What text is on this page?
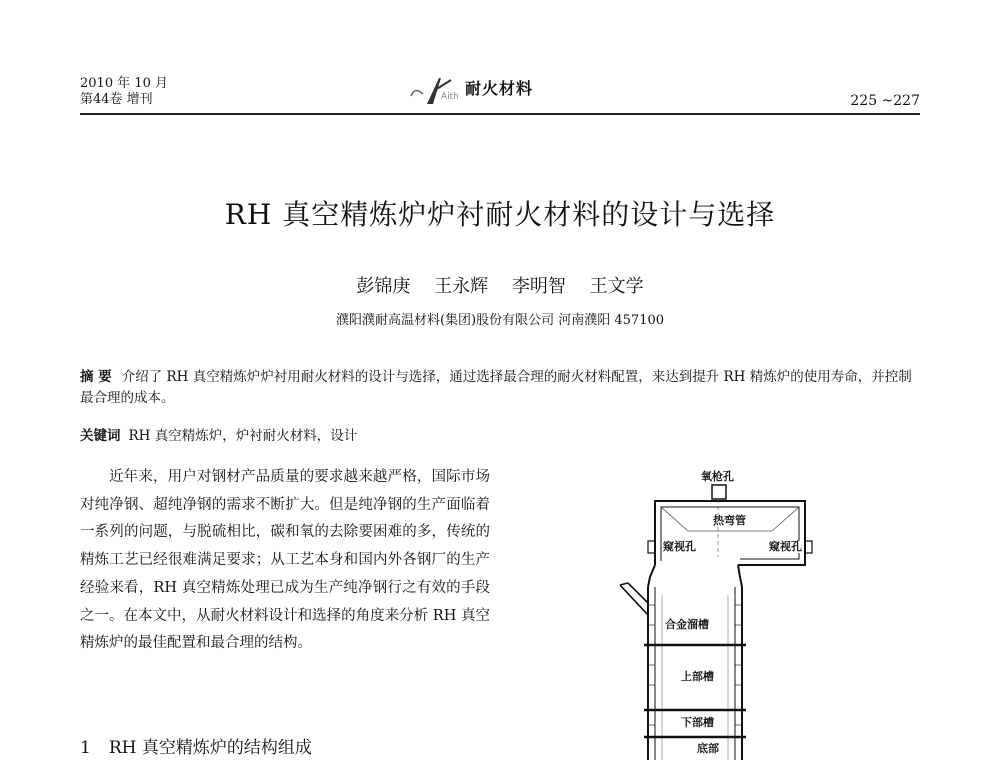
2010 年 10 月
第44卷 增刊
耐火材料
Aith	225 ~227
RH 真空精炼炉炉衬耐火材料的设计与选择
彭锦庚 王永辉 李明智 王文学
濮阳濮耐高温材料(集团)股份有限公司 河南濮阳 457100
摘 要 介绍了 RH 真空精炼炉炉衬用耐火材料的设计与选择，通过选择最合理的耐火材料配置，来达到提升 RH 精炼炉的使用寿命，并控制最合理的成本。
关键词 RH 真空精炼炉，炉衬耐火材料，设计
近年来，用户对钢材产品质量的要求越来越严格，国际市场对纯净钢、超纯净钢的需求不断扩大。但是纯净钢的生产面临着一系列的问题，与脱硫相比，碳和氧的去除要困难的多，传统的精炼工艺已经很难满足要求；从工艺本身和国内外各钢厂的生产经验来看，RH 真空精炼处理已成为生产纯净钢行之有效的手段之一。在本文中，从耐火材料设计和选择的角度来分析 RH 真空精炼炉的最佳配置和最合理的结构。
1 RH 真空精炼炉的结构组成
氧枪孔
热弯管
窥视孔	窥视孔
合金溜槽
上部槽
下部槽
底部
